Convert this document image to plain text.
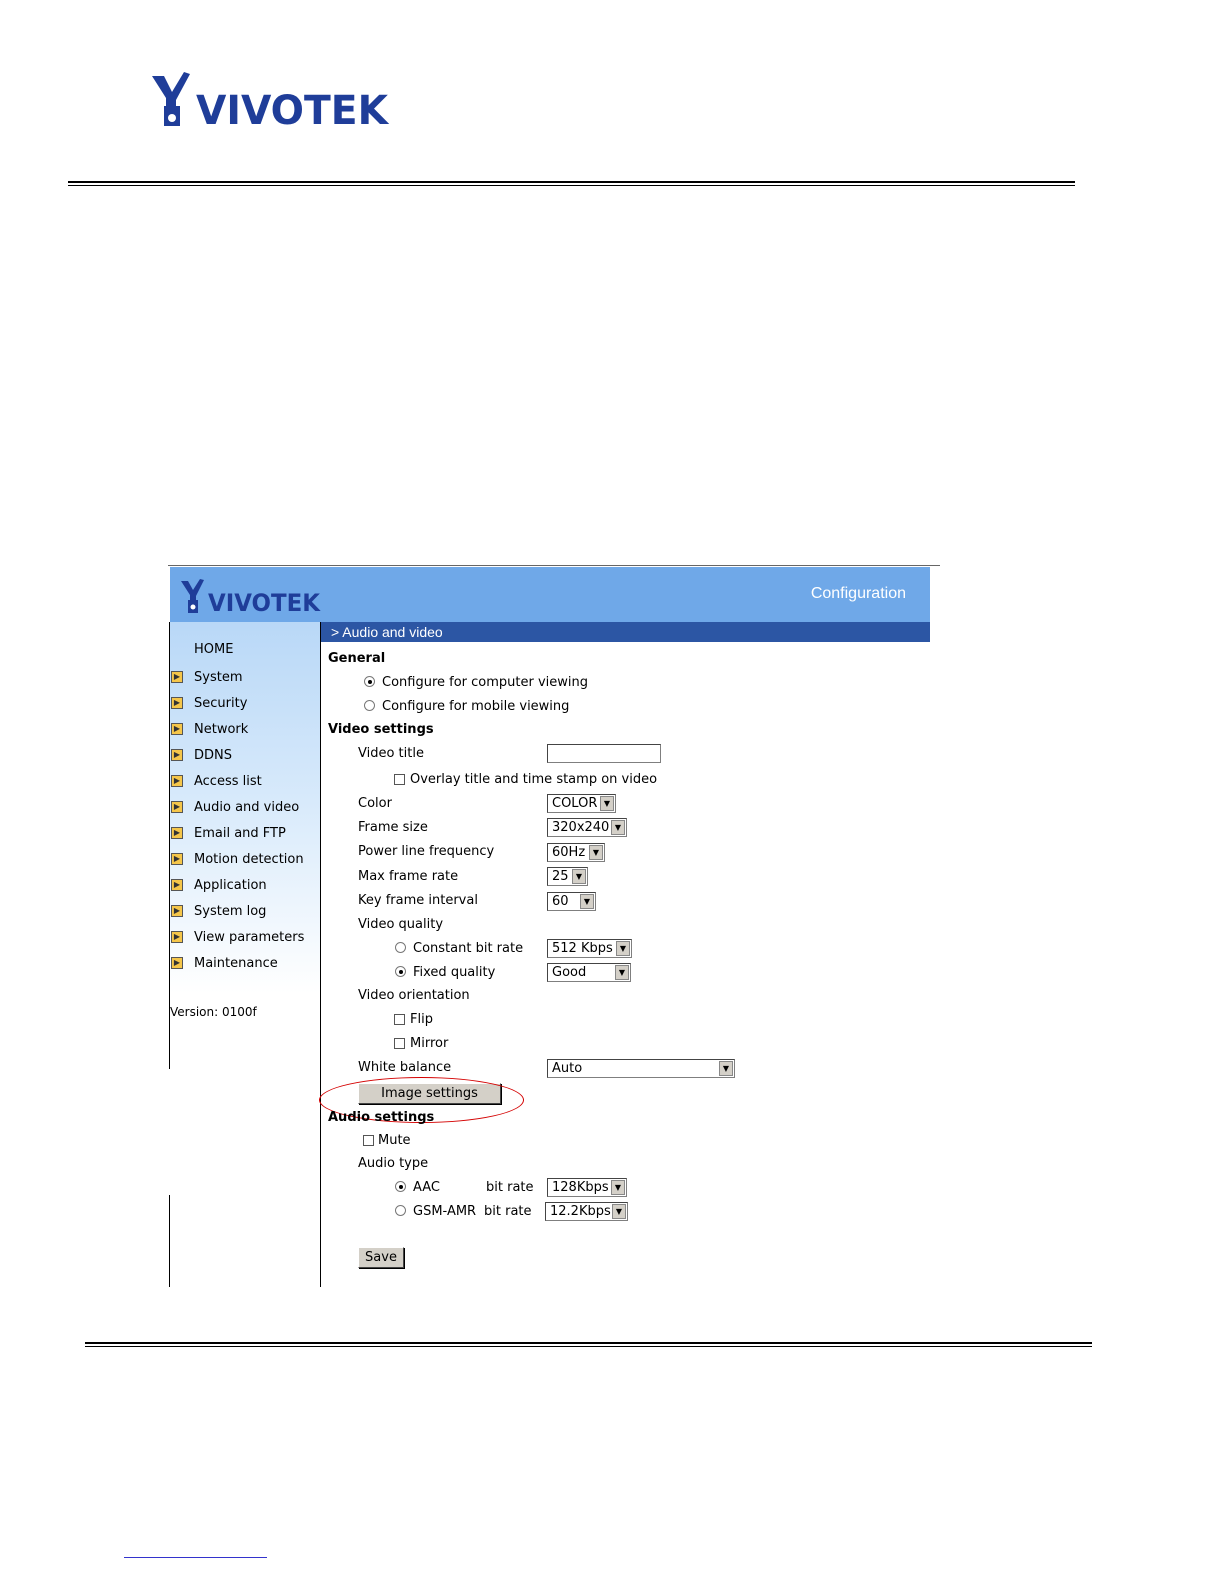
VIVOTEK
VIVOTEK	Configuration
HOME
▶ System
▶ Security
▶ Network
▶ DDNS
▶ Access list
▶ Audio and video
▶ Email and FTP
▶ Motion detection
▶ Application
▶ System log
▶ View parameters
▶ Maintenance
Version: 0100f
> Audio and video
General
Configure for computer viewing
Configure for mobile viewing
Video settings
Video title
Overlay title and time stamp on video
Color	COLOR ▼
Frame size	320x240 ▼
Power line frequency	60Hz ▼
Max frame rate	25 ▼
Key frame interval	60	▼
Video quality
Constant bit rate	512 Kbps ▼
Fixed quality	Good	▼
Video orientation
Flip
Mirror
White balance	Auto	▼
Image settings
Audio settings
Mute
Audio type
AAC	bit rate	128Kbps ▼
GSM-AMR bit rate	12.2Kbps ▼
Save
